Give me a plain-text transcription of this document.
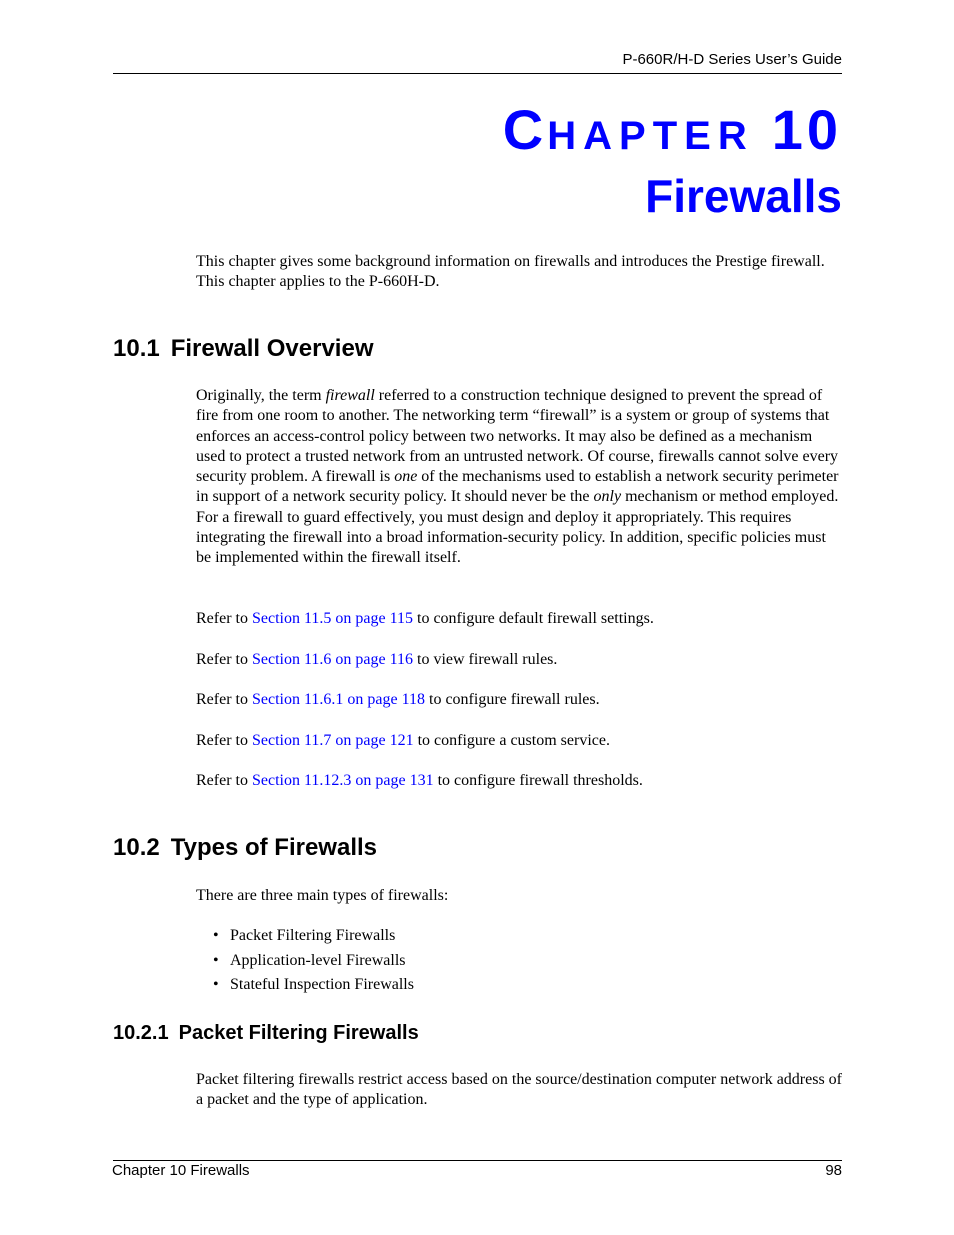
P-660R/H-D Series User’s Guide
CHAPTER 10
Firewalls

This chapter gives some background information on firewalls and introduces the Prestige firewall. This chapter applies to the P-660H-D.

10.1 Firewall Overview

Originally, the term firewall referred to a construction technique designed to prevent the spread of fire from one room to another. The networking term “firewall” is a system or group of systems that enforces an access-control policy between two networks. It may also be defined as a mechanism used to protect a trusted network from an untrusted network. Of course, firewalls cannot solve every security problem. A firewall is one of the mechanisms used to establish a network security perimeter in support of a network security policy. It should never be the only mechanism or method employed. For a firewall to guard effectively, you must design and deploy it appropriately. This requires integrating the firewall into a broad information-security policy. In addition, specific policies must be implemented within the firewall itself.

Refer to Section 11.5 on page 115 to configure default firewall settings.

Refer to Section 11.6 on page 116 to view firewall rules.

Refer to Section 11.6.1 on page 118 to configure firewall rules.

Refer to Section 11.7 on page 121 to configure a custom service.

Refer to Section 11.12.3 on page 131 to configure firewall thresholds.

10.2 Types of Firewalls

There are three main types of firewalls:

• Packet Filtering Firewalls
• Application-level Firewalls
• Stateful Inspection Firewalls
10.2.1 Packet Filtering Firewalls

Packet filtering firewalls restrict access based on the source/destination computer network address of a packet and the type of application.

Chapter 10 Firewalls	98
